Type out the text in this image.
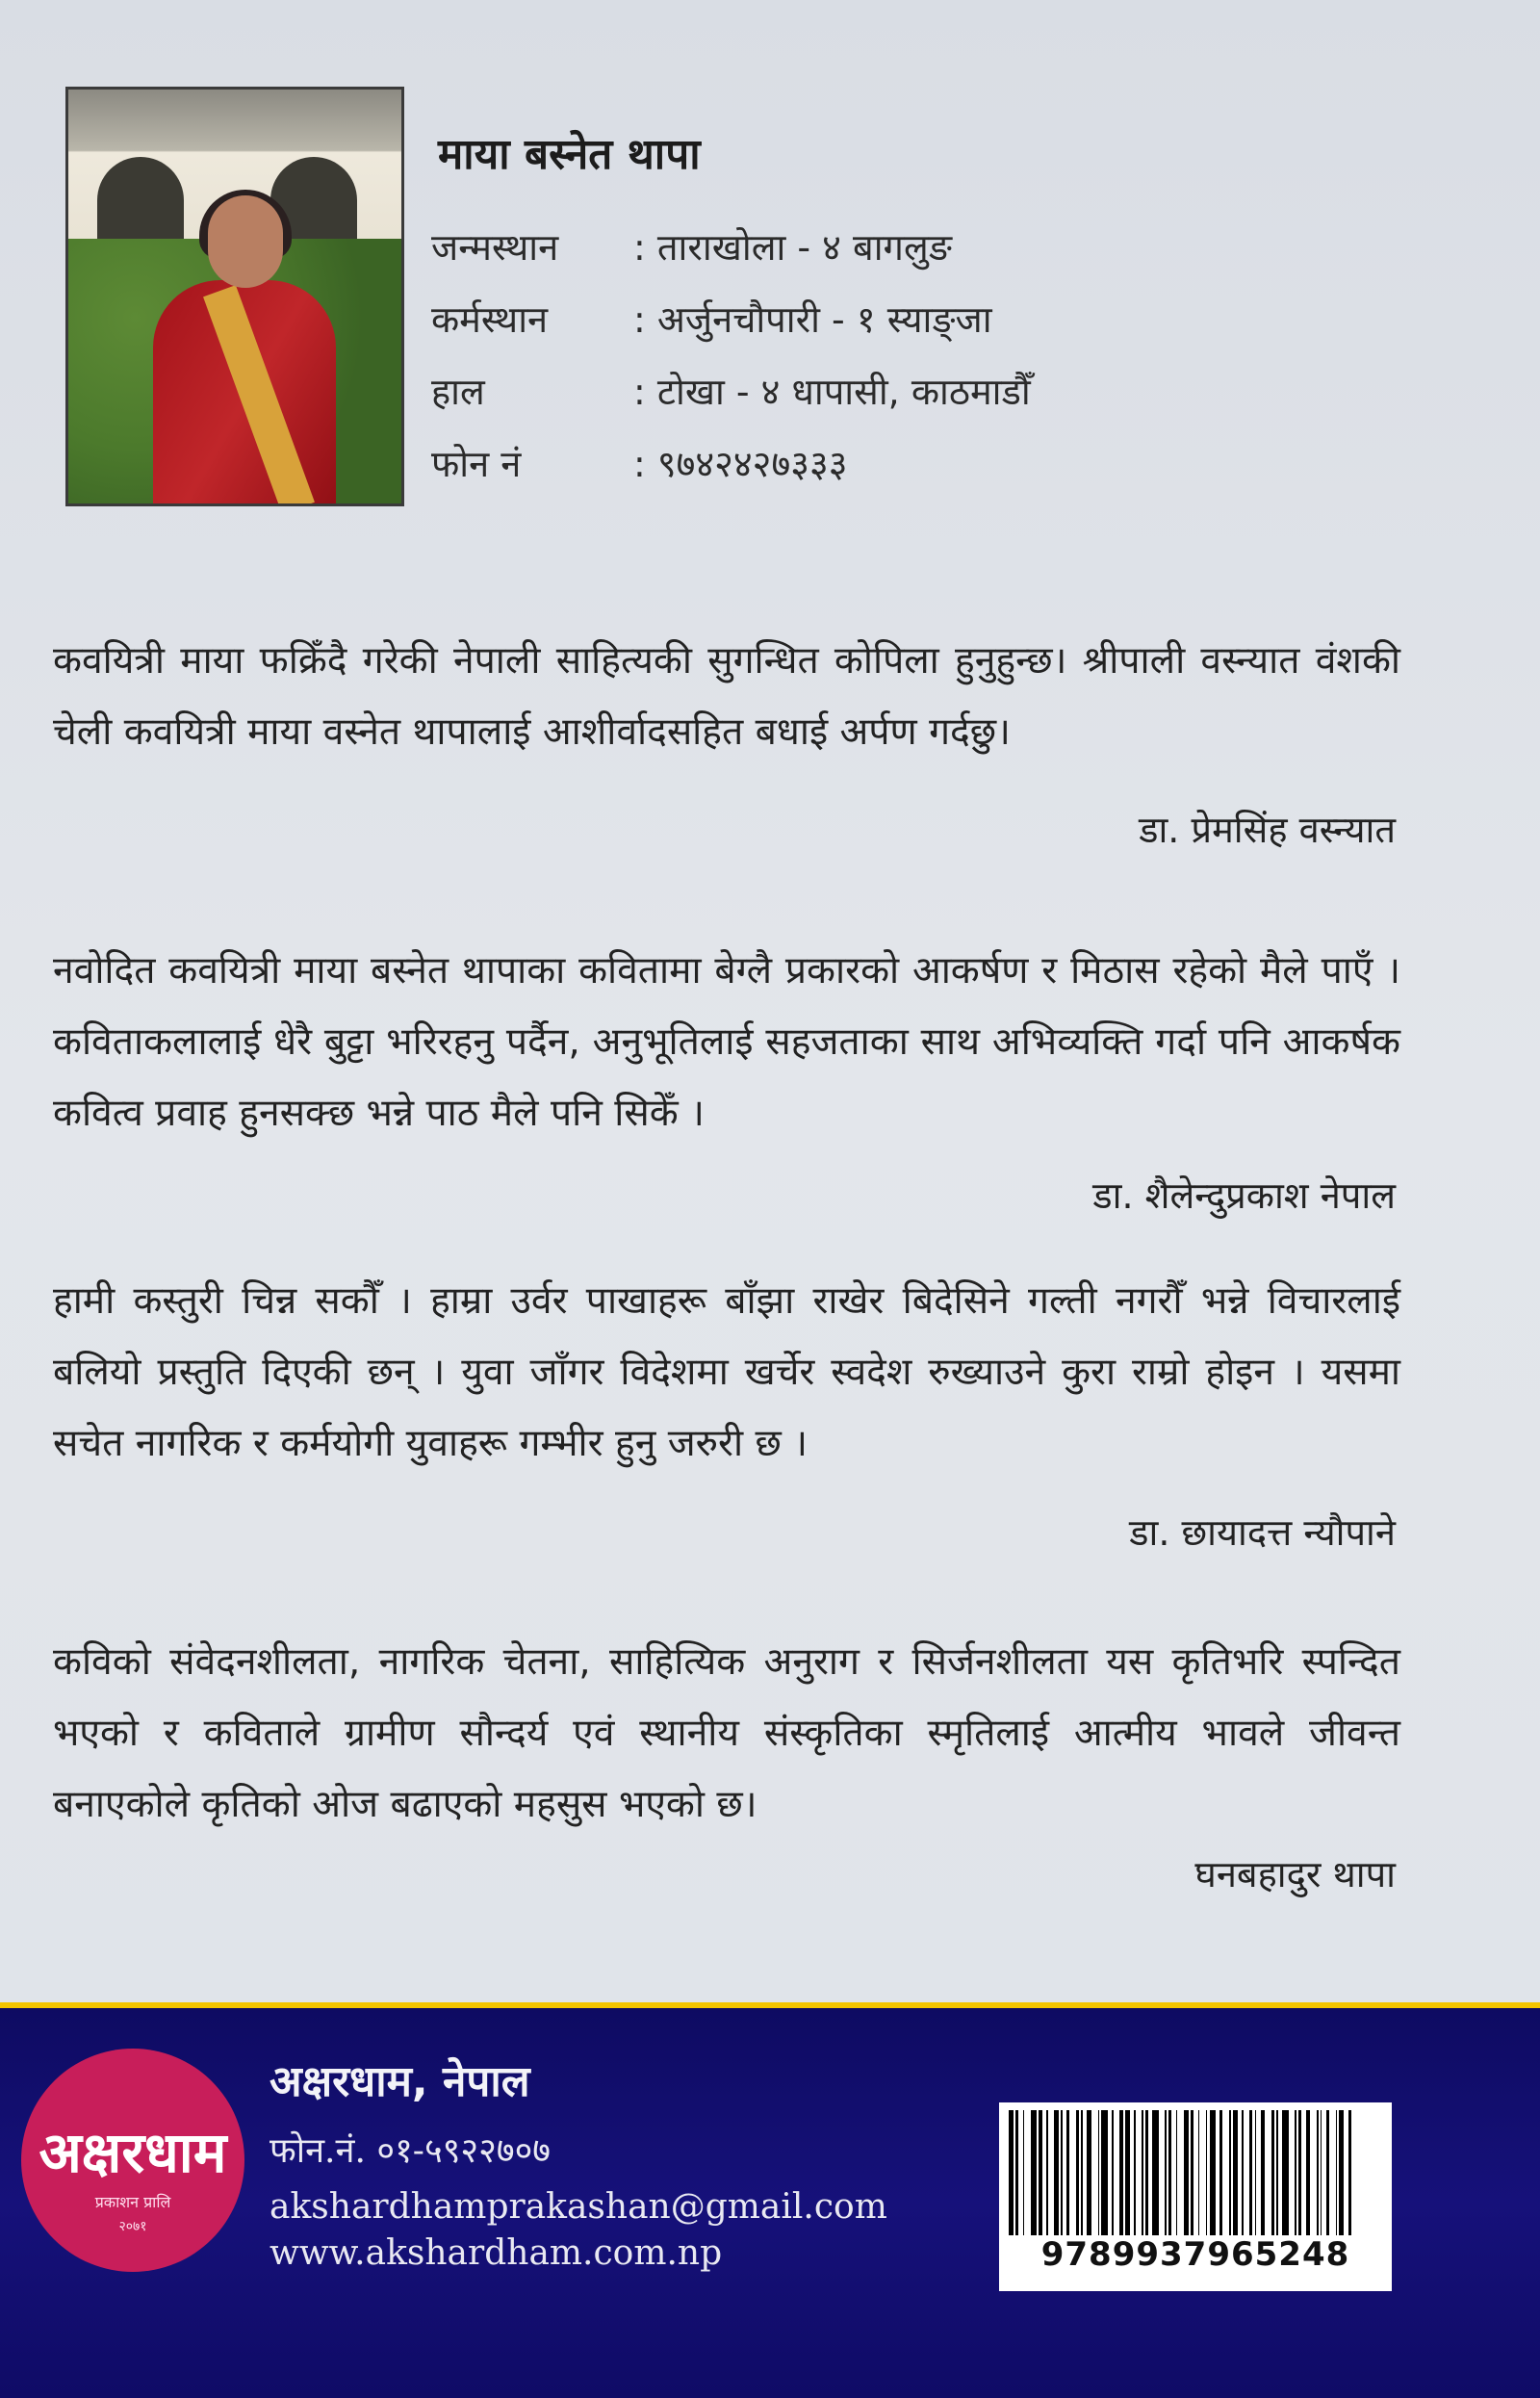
माया बस्नेत थापा
जन्मस्थान : ताराखोला - ४ बागलुङ
कर्मस्थान : अर्जुनचौपारी - १ स्याङ्जा
हाल	: टोखा - ४ धापासी, काठमाडौँ
फोन नं	: ९७४२४२७३३३
कवयित्री माया फक्रिँदै गरेकी नेपाली साहित्यकी सुगन्धित कोपिला हुनुहुन्छ। श्रीपाली वस्न्यात वंशकी चेली कवयित्री माया वस्नेत थापालाई आशीर्वादसहित बधाई अर्पण गर्दछु।
डा. प्रेमसिंह वस्न्यात
नवोदित कवयित्री माया बस्नेत थापाका कवितामा बेग्लै प्रकारको आकर्षण र मिठास रहेको मैले पाएँ । कविताकलालाई धेरै बुट्टा भरिरहनु पर्दैन, अनुभूतिलाई सहजताका साथ अभिव्यक्ति गर्दा पनि आकर्षक कवित्व प्रवाह हुनसक्छ भन्ने पाठ मैले पनि सिकेँ ।
डा. शैलेन्दुप्रकाश नेपाल
हामी कस्तुरी चिन्न सकौँ । हाम्रा उर्वर पाखाहरू बाँझा राखेर बिदेसिने गल्ती नगरौँ भन्ने विचारलाई बलियो प्रस्तुति दिएकी छन् । युवा जाँगर विदेशमा खर्चेर स्वदेश रुख्याउने कुरा राम्रो होइन । यसमा सचेत नागरिक र कर्मयोगी युवाहरू गम्भीर हुनु जरुरी छ ।
डा. छायादत्त न्यौपाने
कविको संवेदनशीलता, नागरिक चेतना, साहित्यिक अनुराग र सिर्जनशीलता यस कृतिभरि स्पन्दित भएको र कविताले ग्रामीण सौन्दर्य एवं स्थानीय संस्कृतिका स्मृतिलाई आत्मीय भावले जीवन्त बनाएकोले कृतिको ओज बढाएको महसुस भएको छ।
घनबहादुर थापा
अक्षरधाम
प्रकाशन प्रालि
२०७१
अक्षरधाम, नेपाल
फोन.नं. ०१-५९२२७०७
akshardhamprakashan@gmail.com
www.akshardham.com.np	9789937965248
